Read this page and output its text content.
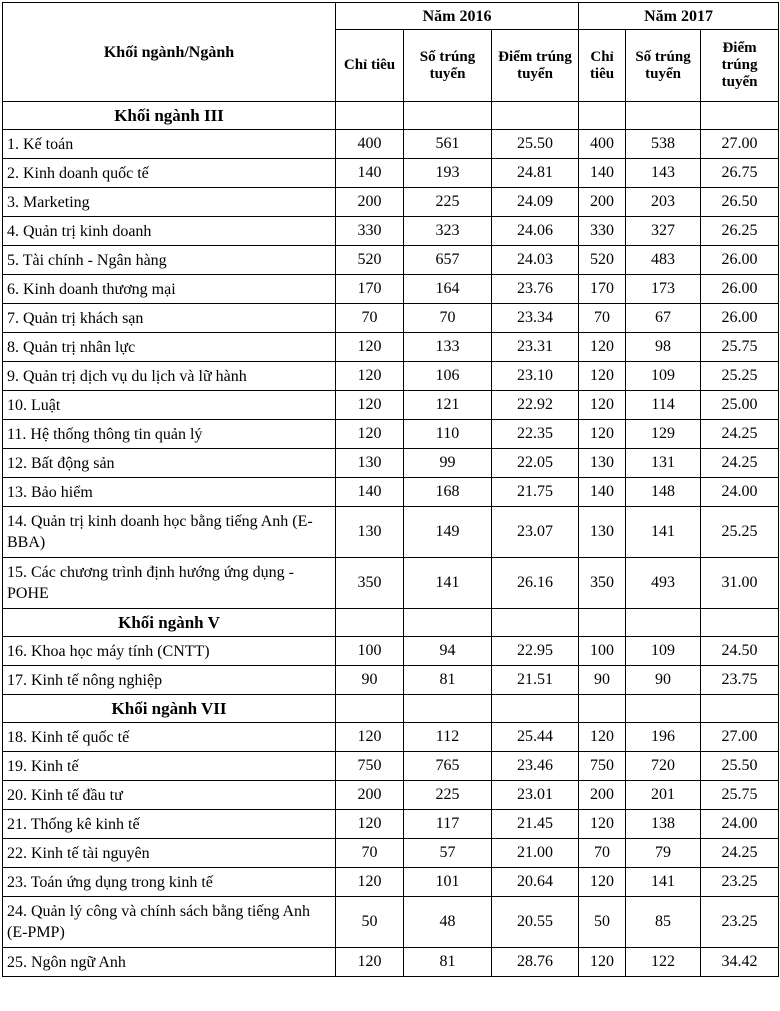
Khối ngành/Ngành	Năm 2016			Năm 2017		
	Chỉ tiêu	Số trúng tuyển	Điểm trúng tuyển	Chỉ tiêu	Số trúng tuyển	Điểm trúng tuyển
Khối ngành III						
1. Kế toán	400	561	25.50	400	538	27.00
2. Kinh doanh quốc tế	140	193	24.81	140	143	26.75
3. Marketing	200	225	24.09	200	203	26.50
4. Quản trị kinh doanh	330	323	24.06	330	327	26.25
5. Tài chính - Ngân hàng	520	657	24.03	520	483	26.00
6. Kinh doanh thương mại	170	164	23.76	170	173	26.00
7. Quản trị khách sạn	70	70	23.34	70	67	26.00
8. Quản trị nhân lực	120	133	23.31	120	98	25.75
9. Quản trị dịch vụ du lịch và lữ hành	120	106	23.10	120	109	25.25
10. Luật	120	121	22.92	120	114	25.00
11. Hệ thống thông tin quản lý	120	110	22.35	120	129	24.25
12. Bất động sản	130	99	22.05	130	131	24.25
13. Bảo hiểm	140	168	21.75	140	148	24.00
14. Quản trị kinh doanh học bằng tiếng Anh (E-BBA)	130	149	23.07	130	141	25.25
15. Các chương trình định hướng ứng dụng - POHE	350	141	26.16	350	493	31.00
Khối ngành V						
16. Khoa học máy tính (CNTT)	100	94	22.95	100	109	24.50
17. Kinh tế nông nghiệp	90	81	21.51	90	90	23.75
Khối ngành VII						
18. Kinh tế quốc tế	120	112	25.44	120	196	27.00
19. Kinh tế	750	765	23.46	750	720	25.50
20. Kinh tế đầu tư	200	225	23.01	200	201	25.75
21. Thống kê kinh tế	120	117	21.45	120	138	24.00
22. Kinh tế tài nguyên	70	57	21.00	70	79	24.25
23. Toán ứng dụng trong kinh tế	120	101	20.64	120	141	23.25
24. Quản lý công và chính sách bằng tiếng Anh (E-PMP)	50	48	20.55	50	85	23.25
25. Ngôn ngữ Anh	120	81	28.76	120	122	34.42
